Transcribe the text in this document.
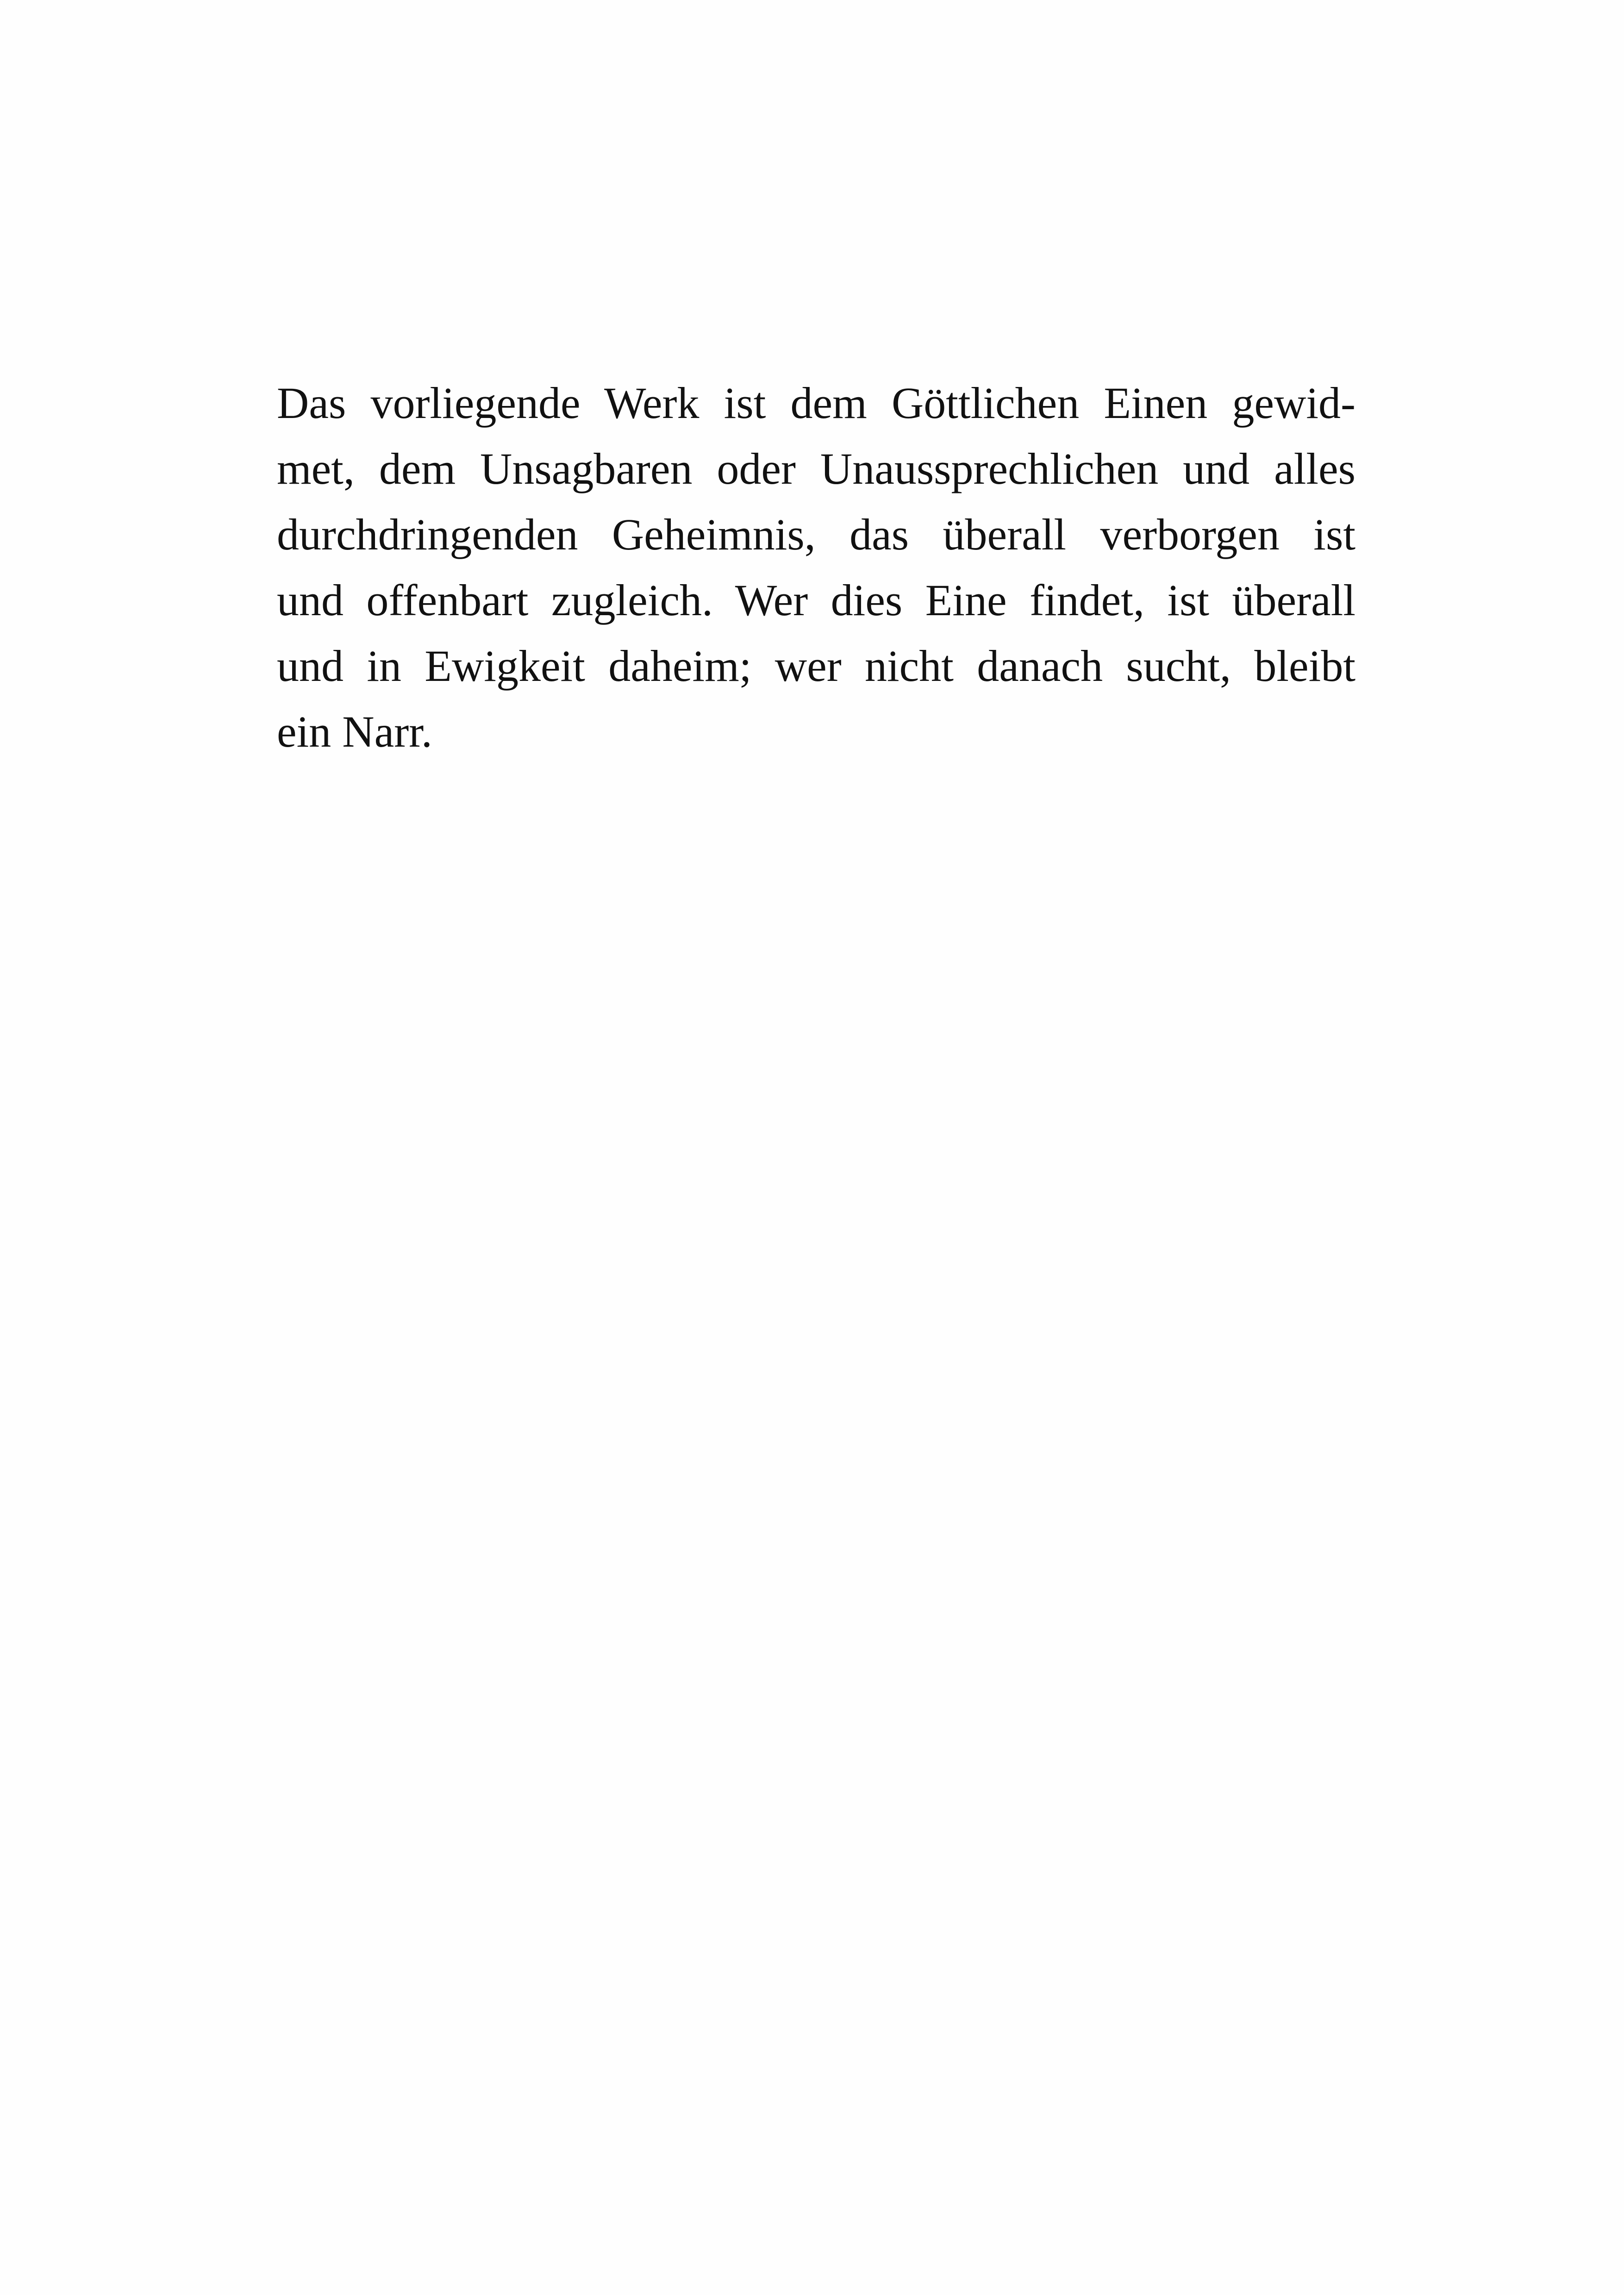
Das vorliegende Werk ist dem Göttlichen Einen gewid-
met, dem Unsagbaren oder Unaussprechlichen und alles
durchdringenden Geheimnis, das überall verborgen ist
und offenbart zugleich. Wer dies Eine findet, ist überall
und in Ewigkeit daheim; wer nicht danach sucht, bleibt
ein Narr.
